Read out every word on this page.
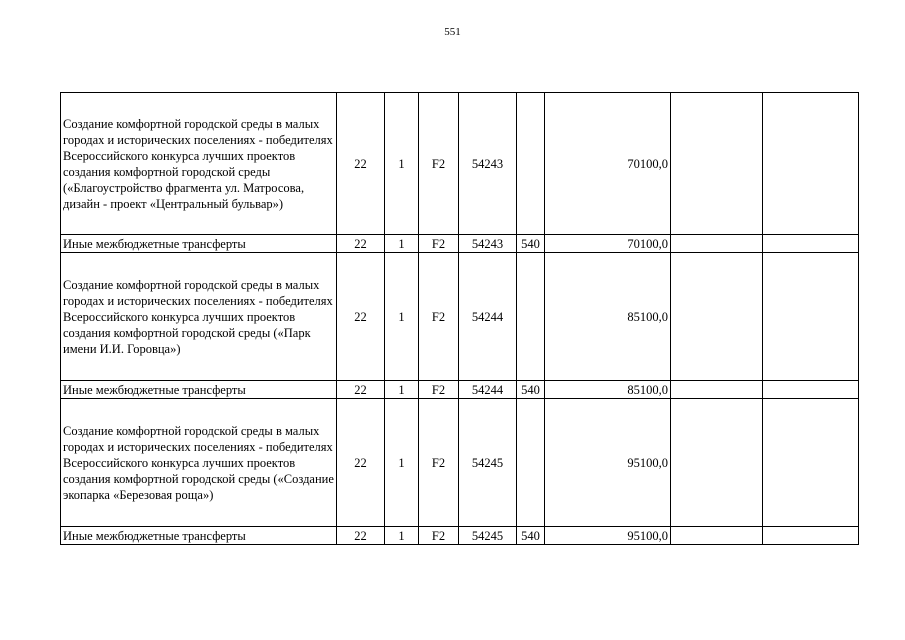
551
Создание комфортной городской среды в малых городах и исторических поселениях - победителях Всероссийского конкурса лучших проектов создания комфортной городской среды («Благоустройство фрагмента ул. Матросова, дизайн - проект «Центральный бульвар»)	22	1	F2	54243		70100,0		
Иные межбюджетные трансферты	22	1	F2	54243	540	70100,0		
Создание комфортной городской среды в малых городах и исторических поселениях - победителях Всероссийского конкурса лучших проектов создания комфортной городской среды («Парк имени И.И. Горовца»)	22	1	F2	54244		85100,0		
Иные межбюджетные трансферты	22	1	F2	54244	540	85100,0		
Создание комфортной городской среды в малых городах и исторических поселениях - победителях Всероссийского конкурса лучших проектов создания комфортной городской среды («Создание экопарка «Березовая роща»)	22	1	F2	54245		95100,0		
Иные межбюджетные трансферты	22	1	F2	54245	540	95100,0		
